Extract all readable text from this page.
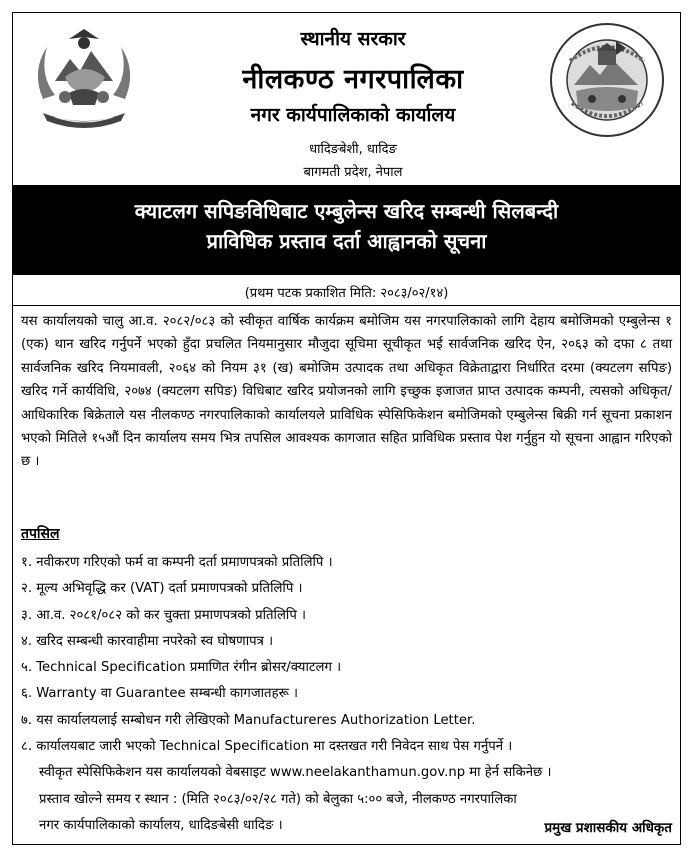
स्थानीय सरकार
नीलकण्ठ नगरपालिका
नगर कार्यपालिकाको कार्यालय
धादिङबेशी, धादिङ
बागमती प्रदेश, नेपाल
क्याटलग सपिङविधिबाट एम्बुलेन्स खरिद सम्बन्धी सिलबन्दी
प्राविधिक प्रस्ताव दर्ता आह्वानको सूचना
(प्रथम पटक प्रकाशित मिति: २०८३/०२/१४)
यस कार्यालयको चालु आ.व. २०८२/०८३ को स्वीकृत वार्षिक कार्यक्रम बमोजिम यस नगरपालिकाको लागि देहाय बमोजिमको एम्बुलेन्स १ (एक) थान खरिद गर्नुपर्ने भएको हुँदा प्रचलित नियमानुसार मौजुदा सूचिमा सूचीकृत भई सार्वजनिक खरिद ऐन, २०६३ को दफा ८ तथा सार्वजनिक खरिद नियमावली, २०६४ को नियम ३१ (ख) बमोजिम उत्पादक तथा अधिकृत विक्रेताद्वारा निर्धारित दरमा (क्यटलग सपिङ) खरिद गर्ने कार्यविधि, २०७४ (क्यटलग सपिङ) विधिबाट खरिद प्रयोजनको लागि इच्छुक इजाजत प्राप्त उत्पादक कम्पनी, त्यसको अधिकृत/आधिकारिक बिक्रेताले यस नीलकण्ठ नगरपालिकाको कार्यालयले प्राविधिक स्पेसिफिकेशन बमोजिमको एम्बुलेन्स बिक्री गर्न सूचना प्रकाशन भएको मितिले १५औं दिन कार्यालय समय भित्र तपसिल आवश्यक कागजात सहित प्राविधिक प्रस्ताव पेश गर्नुहुन यो सूचना आह्वान गरिएको छ ।
तपसिल
१. नवीकरण गरिएको फर्म वा कम्पनी दर्ता प्रमाणपत्रको प्रतिलिपि ।
२. मूल्य अभिवृद्धि कर (VAT) दर्ता प्रमाणपत्रको प्रतिलिपि ।
३. आ.व. २०८१/०८२ को कर चुक्ता प्रमाणपत्रको प्रतिलिपि ।
४. खरिद सम्बन्धी कारवाहीमा नपरेको स्व घोषणापत्र ।
५. Technical Specification प्रमाणित रंगीन ब्रोसर/क्याटलग ।
६. Warranty वा Guarantee सम्बन्धी कागजातहरू ।
७. यस कार्यालयलाई सम्बोधन गरी लेखिएको Manufactureres Authorization Letter.
८. कार्यालयबाट जारी भएको Technical Specification मा दस्तखत गरी निवेदन साथ पेस गर्नुपर्ने ।
स्वीकृत स्पेसिफिकेशन यस कार्यालयको वेबसाइट www.neelakanthamun.gov.np मा हेर्न सकिनेछ ।
प्रस्ताव खोल्ने समय र स्थान : (मिति २०८३/०२/२८ गते) को बेलुका ५:०० बजे, नीलकण्ठ नगरपालिका
नगर कार्यपालिकाको कार्यालय, धादिङबेसी धादिङ ।	प्रमुख प्रशासकीय अधिकृत
